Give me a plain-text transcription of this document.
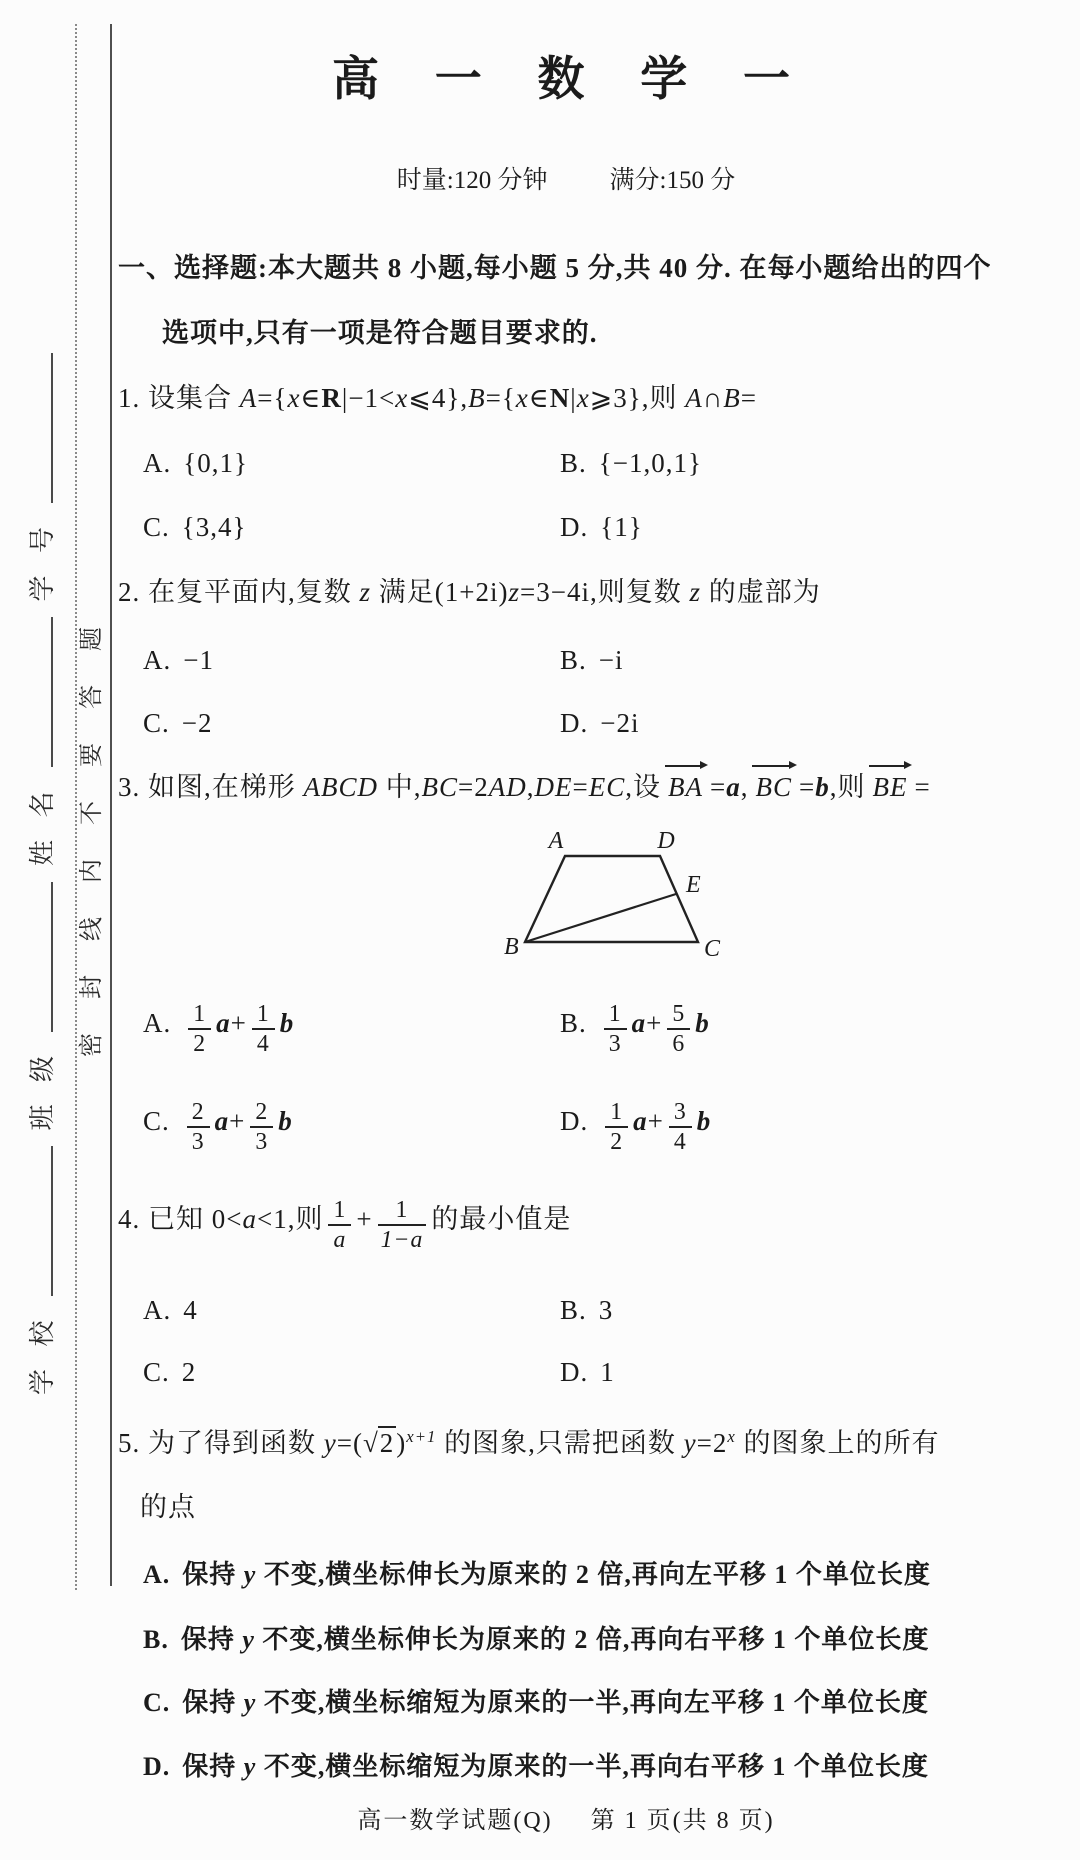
学 校
班 级
姓 名
学 号
密封线内不要答题
高 一 数 学 一
时量:120 分钟 满分:150 分
一、选择题:本大题共 8 小题,每小题 5 分,共 40 分. 在每小题给出的四个
选项中,只有一项是符合题目要求的.
1. 设集合 A={x∈R|−1<x⩽4},B={x∈N|x⩾3},则 A∩B=
A. {0,1}	B. {−1,0,1}
C. {3,4}	D. {1}
2. 在复平面内,复数 z 满足(1+2i)z=3−4i,则复数 z 的虚部为
A. −1	B. −i
C. −2	D. −2i
3. 如图,在梯形 ABCD 中,BC=2AD,DE=EC,设 BA =a, BC =b,则 BE =
A	D
E
B	C
A. $\frac{1}{2} a+ \frac{1}{4}$ b	B. $\frac{1}{3} a+ \frac{5}{6}$ b
C. $\frac{2}{3} a+ \frac{2}{3}$ b	D. $\frac{1}{2} a+ \frac{3}{4}$ b
4. 已知 0<a<1,则 $\frac{1}{a} + \frac{1}{1-a}$ 的最小值是
A. 4	B. 3
C. 2	D. 1
5. 为了得到函数 $y=(√2)^{x+1}$ 的图象,只需把函数 $y=2^x$ 的图象上的所有
的点
A. 保持 y 不变,横坐标伸长为原来的 2 倍,再向左平移 1 个单位长度
B. 保持 y 不变,横坐标伸长为原来的 2 倍,再向右平移 1 个单位长度
C. 保持 y 不变,横坐标缩短为原来的一半,再向左平移 1 个单位长度
D. 保持 y 不变,横坐标缩短为原来的一半,再向右平移 1 个单位长度
高一数学试题(Q) 第 1 页(共 8 页)
